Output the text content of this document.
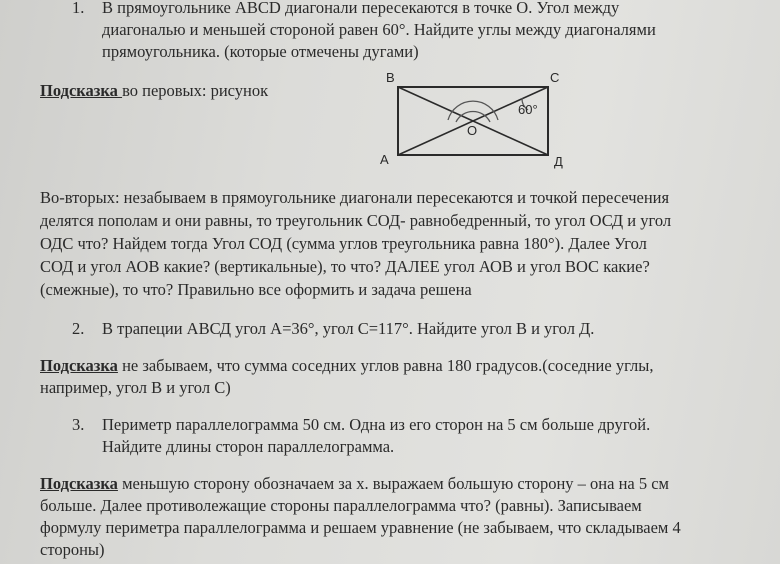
1. В прямоугольнике ABCD диагонали пересекаются в точке О. Угол между
диагональю и меньшей стороной равен 60°. Найдите углы между диагоналями
прямоугольника. (которые отмечены дугами)
Подсказка во перовых: рисунок
B	C
A	Д
O
60°
Во-вторых: незабываем в прямоугольнике диагонали пересекаются и точкой пересечения
делятся пополам и они равны, то треугольник СОД- равнобедренный, то угол ОСД и угол
ОДС что? Найдем тогда Угол СОД (сумма углов треугольника равна 180°). Далее Угол
СОД и угол АОВ какие? (вертикальные), то что? ДАЛЕЕ угол АОВ и угол ВОС какие?
(смежные), то что? Правильно все оформить и задача решена
2. В трапеции АВСД угол А=36°, угол С=117°. Найдите угол В и угол Д.
Подсказка не забываем, что сумма соседних углов равна 180 градусов.(соседние углы,
например, угол В и угол С)
3. Периметр параллелограмма 50 см. Одна из его сторон на 5 см больше другой.
Найдите длины сторон параллелограмма.
Подсказка меньшую сторону обозначаем за x. выражаем большую сторону – она на 5 см
больше. Далее противолежащие стороны параллелограмма что? (равны). Записываем
формулу периметра параллелограмма и решаем уравнение (не забываем, что складываем 4
стороны)
